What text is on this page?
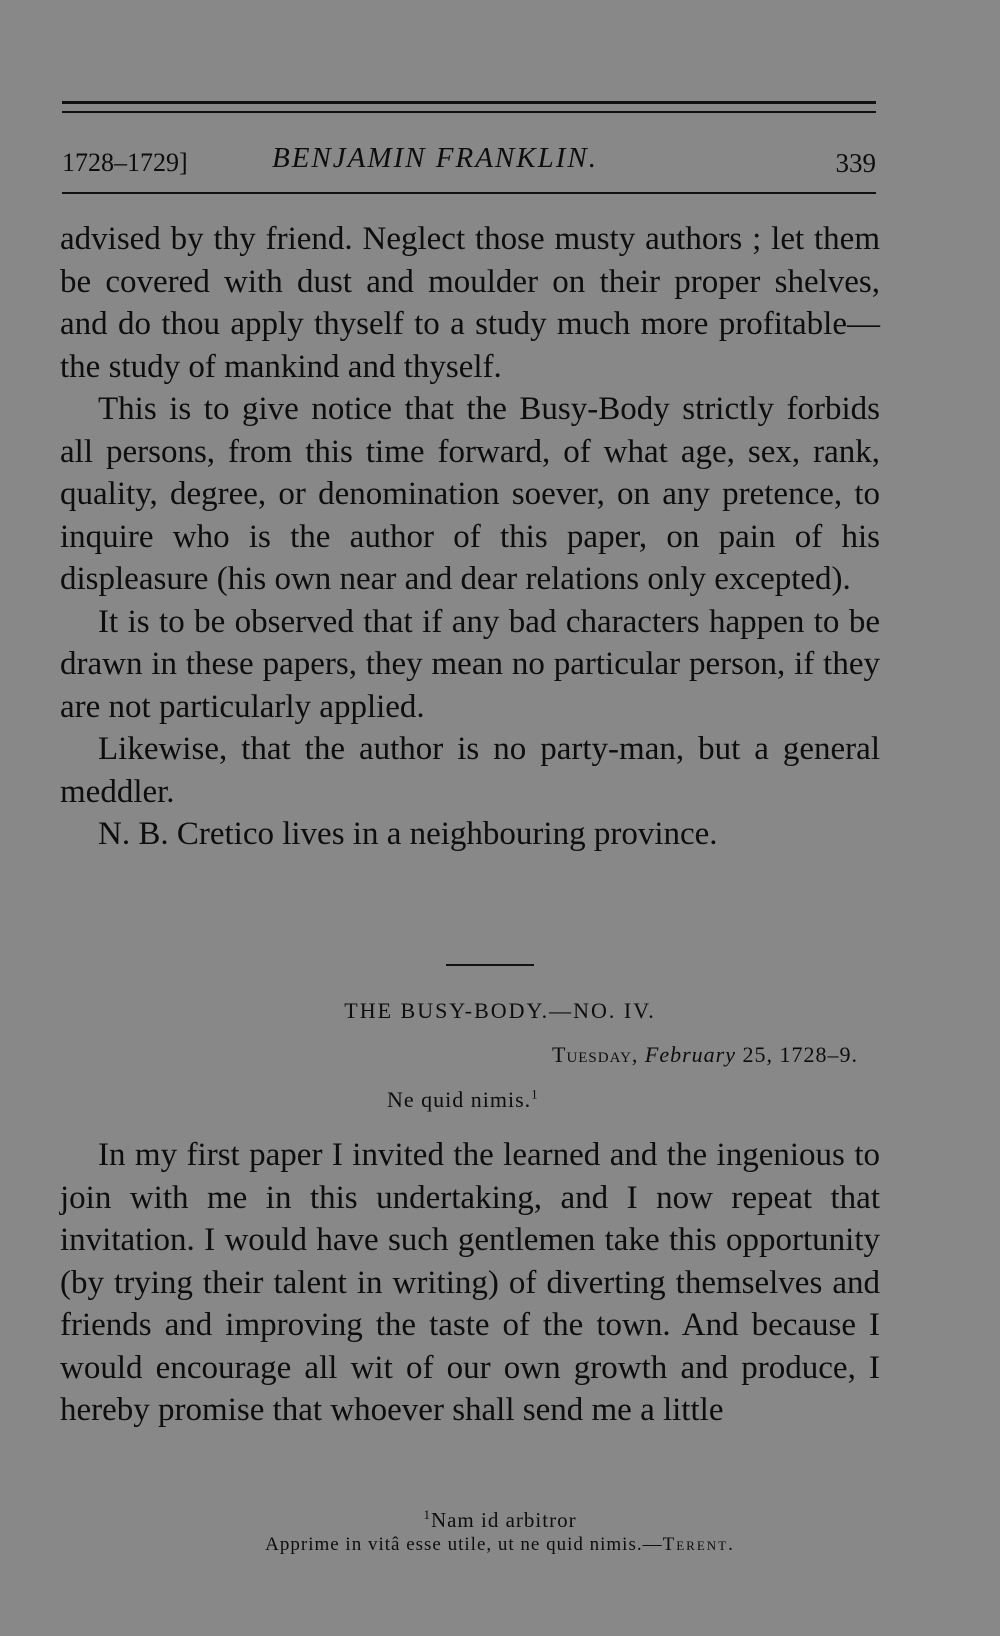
1728–1729]	BENJAMIN FRANKLIN.	339

advised by thy friend. Neglect those musty authors ; let them be covered with dust and moulder on their proper shelves, and do thou apply thyself to a study much more profitable—the study of mankind and thyself.

This is to give notice that the Busy-Body strictly forbids all persons, from this time forward, of what age, sex, rank, quality, degree, or denomination soever, on any pretence, to inquire who is the author of this paper, on pain of his displeasure (his own near and dear relations only excepted).

It is to be observed that if any bad characters happen to be drawn in these papers, they mean no particular person, if they are not particularly applied.

Likewise, that the author is no party-man, but a general meddler.

N. B. Cretico lives in a neighbouring province.

THE BUSY-BODY.—NO. IV.
Tuesday, February 25, 1728–9.
Ne quid nimis.$^1$

In my first paper I invited the learned and the ingenious to join with me in this undertaking, and I now repeat that invitation. I would have such gentlemen take this opportunity (by trying their talent in writing) of diverting themselves and friends and improving the taste of the town. And because I would encourage all wit of our own growth and produce, I hereby promise that whoever shall send me a little

$^1$Nam id arbitror
Apprime in vitâ esse utile, ut ne quid nimis.—Terent.
